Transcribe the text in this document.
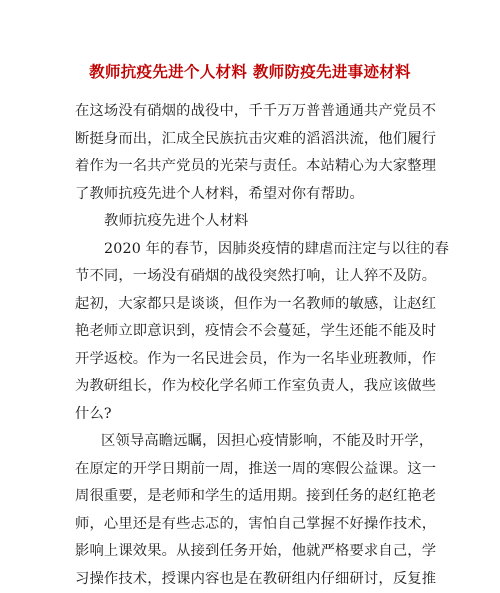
教师抗疫先进个人材料 教师防疫先进事迹材料
在这场没有硝烟的战役中，千千万万普普通通共产党员不
断挺身而出，汇成全民族抗击灾难的滔滔洪流，他们履行
着作为一名共产党员的光荣与责任。本站精心为大家整理
了教师抗疫先进个人材料，希望对你有帮助。
教师抗疫先进个人材料
2020 年的春节，因肺炎疫情的肆虐而注定与以往的春
节不同，一场没有硝烟的战役突然打响，让人猝不及防。
起初，大家都只是谈谈，但作为一名教师的敏感，让赵红
艳老师立即意识到，疫情会不会蔓延，学生还能不能及时
开学返校。作为一名民进会员，作为一名毕业班教师，作
为教研组长，作为校化学名师工作室负责人，我应该做些
什么?
区领导高瞻远瞩，因担心疫情影响，不能及时开学，
在原定的开学日期前一周，推送一周的寒假公益课。这一
周很重要，是老师和学生的适用期。接到任务的赵红艳老
师，心里还是有些忐忑的，害怕自己掌握不好操作技术，
影响上课效果。从接到任务开始，他就严格要求自己，学
习操作技术，授课内容也是在教研组内仔细研讨，反复推
